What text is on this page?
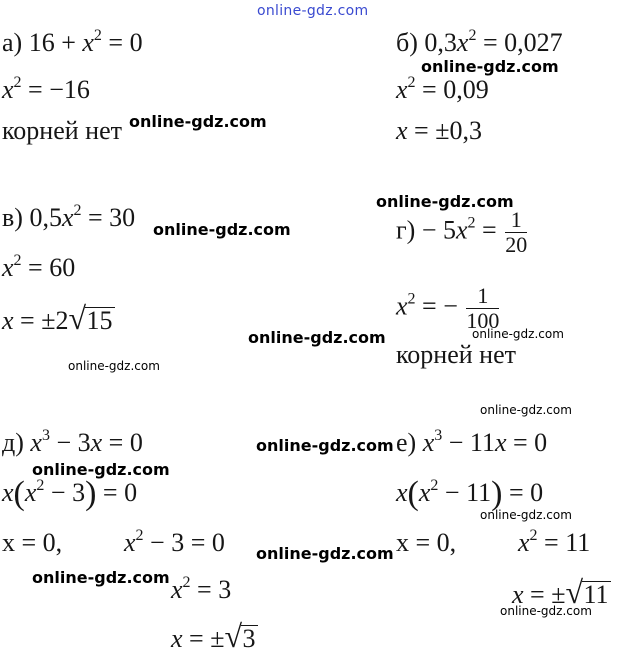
online-gdz.com
а) $16 + x^2 = 0$
$x^2 = -16$
корней нет
б) $0,3x^2 = 0,027$
$x^2 = 0,09$
x = ±0,3
в) $0,5x^2 = 30$
$x^2 = 60$
x = ±2 √ 15
$г) - 5x^2 = \frac{1}{20}$
$x^2$ = − $\frac{1}{100}$
корней нет
д) $x^3 - 3x = 0$
$x(x^2 - 3) = 0$
x = 0, $x^2 - 3 = 0$
$x^2 = 3$
x = ± √ 3
е) $x^3 - 11x = 0$
$x(x^2 - 11) = 0$
x = 0, $x^2 = 11$
x = ± √ 11
online-gdz.com
online-gdz.com
online-gdz.com
online-gdz.com
online-gdz.com	online-gdz.com
online-gdz.com
online-gdz.com
online-gdz.com
online-gdz.com
online-gdz.com
online-gdz.com
online-gdz.com
online-gdz.com
